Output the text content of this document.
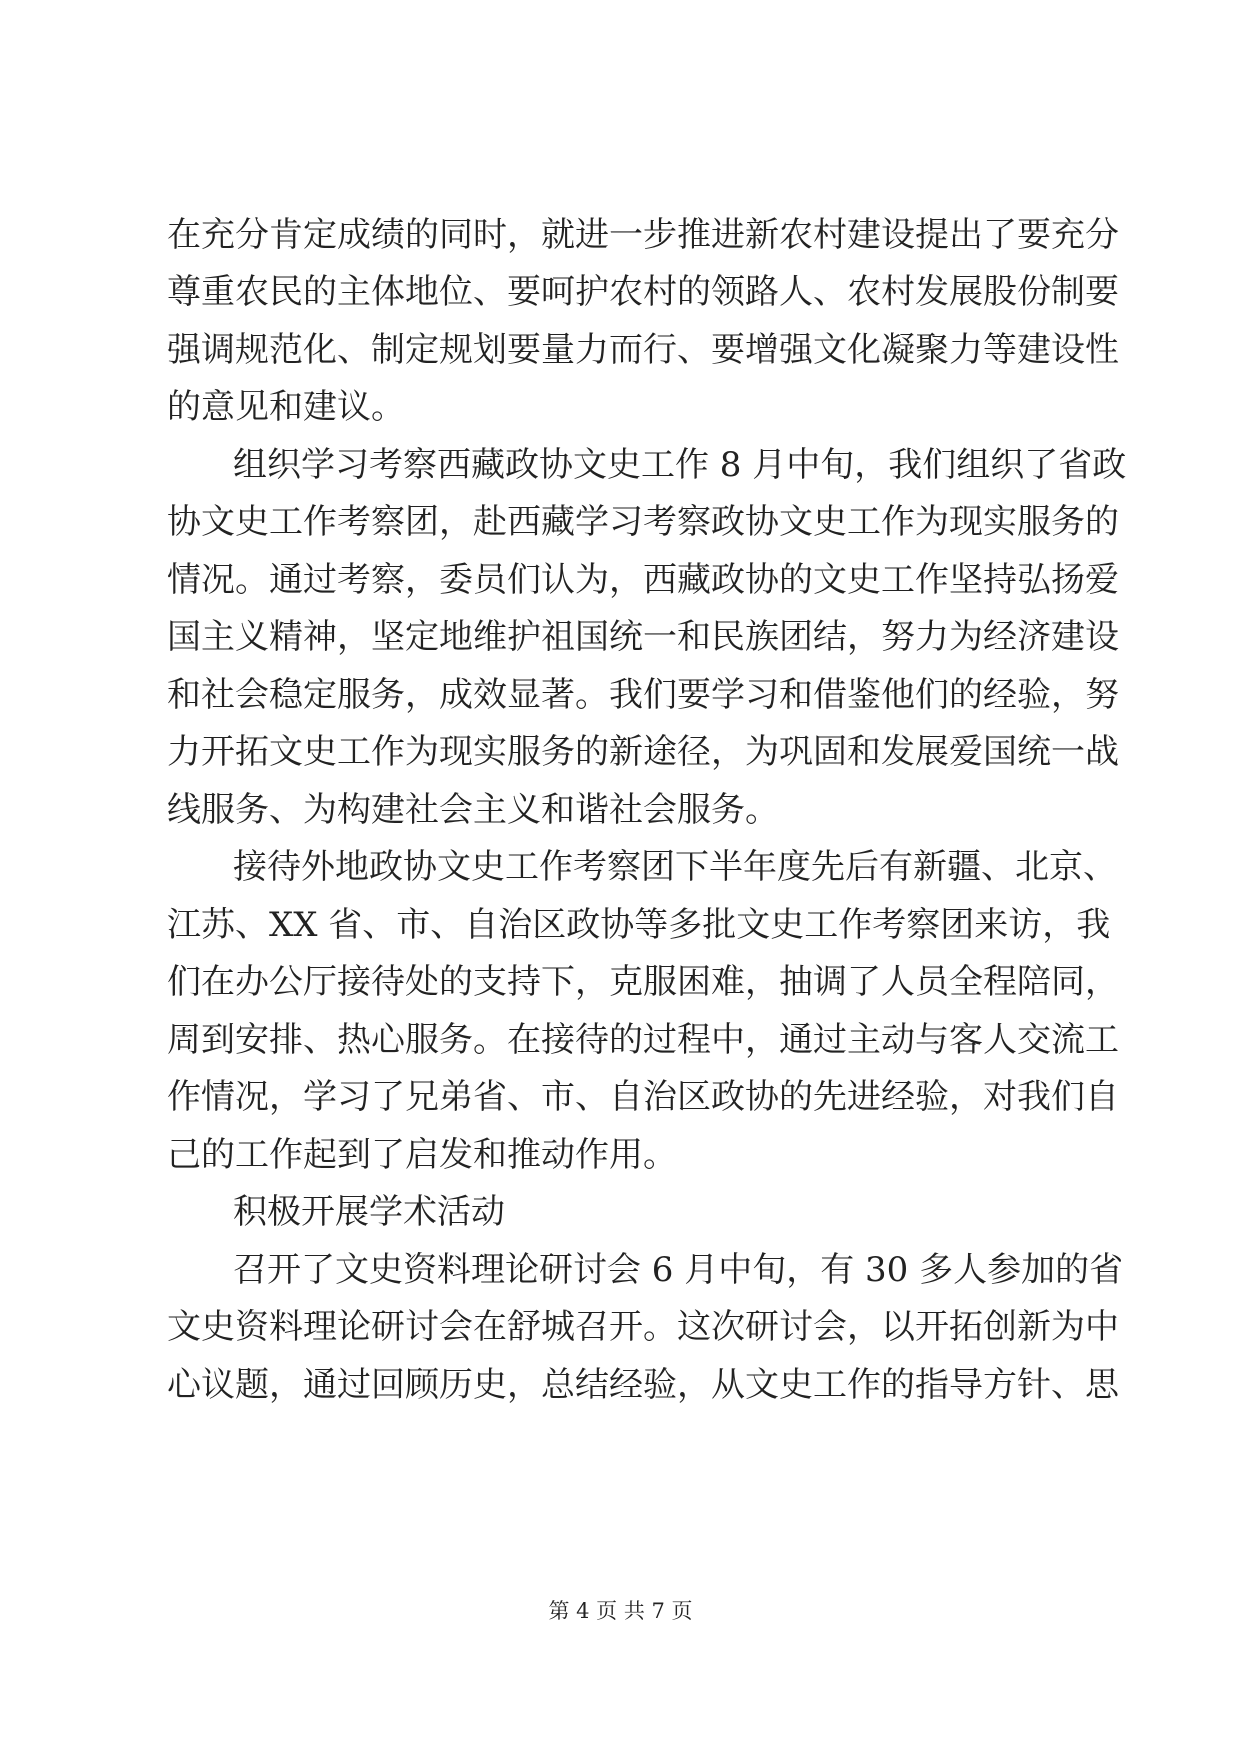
在充分肯定成绩的同时，就进一步推进新农村建设提出了要充分
尊重农民的主体地位、要呵护农村的领路人、农村发展股份制要
强调规范化、制定规划要量力而行、要增强文化凝聚力等建设性
的意见和建议。
组织学习考察西藏政协文史工作 8 月中旬，我们组织了省政
协文史工作考察团，赴西藏学习考察政协文史工作为现实服务的
情况。通过考察，委员们认为，西藏政协的文史工作坚持弘扬爱
国主义精神，坚定地维护祖国统一和民族团结，努力为经济建设
和社会稳定服务，成效显著。我们要学习和借鉴他们的经验，努
力开拓文史工作为现实服务的新途径，为巩固和发展爱国统一战
线服务、为构建社会主义和谐社会服务。
接待外地政协文史工作考察团下半年度先后有新疆、北京、
江苏、XX 省、市、自治区政协等多批文史工作考察团来访，我
们在办公厅接待处的支持下，克服困难，抽调了人员全程陪同，
周到安排、热心服务。在接待的过程中，通过主动与客人交流工
作情况，学习了兄弟省、市、自治区政协的先进经验，对我们自
己的工作起到了启发和推动作用。
积极开展学术活动
召开了文史资料理论研讨会 6 月中旬，有 30 多人参加的省
文史资料理论研讨会在舒城召开。这次研讨会，以开拓创新为中
心议题，通过回顾历史，总结经验，从文史工作的指导方针、思
第 4 页 共 7 页
